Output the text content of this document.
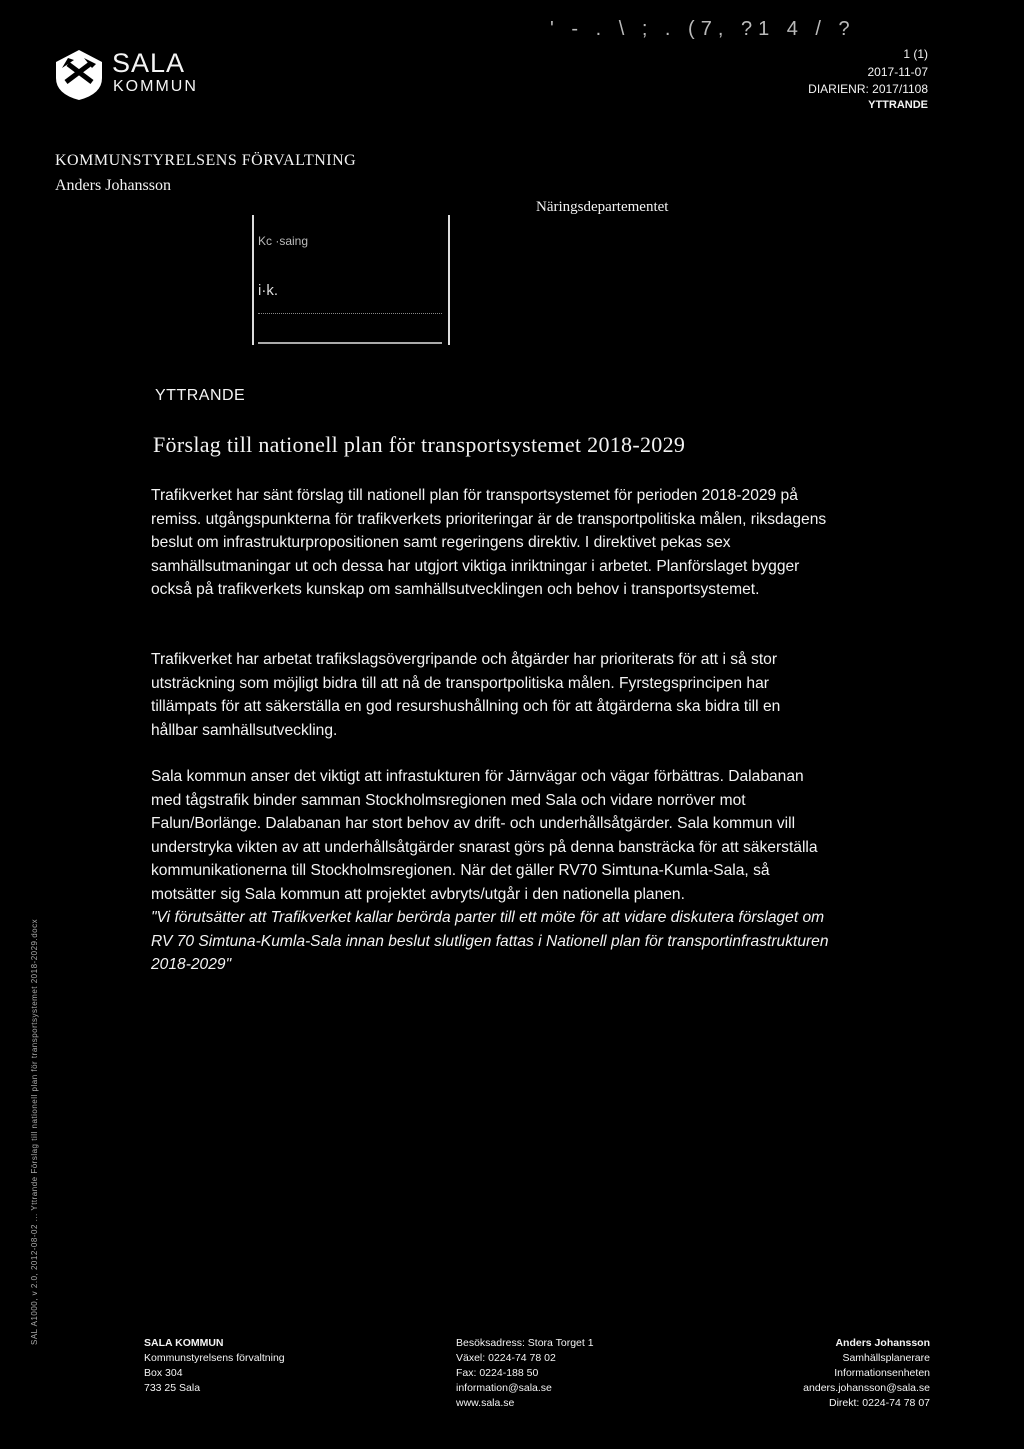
SALA
KOMMUN
' - . \ ; . (7, ?1 4 / ?
1 (1)
2017-11-07
DIARIENR: 2017/1108
YTTRANDE
KOMMUNSTYRELSENS FÖRVALTNING
Anders Johansson
Näringsdepartementet
Kc ·saing
i·k.
YTTRANDE
Förslag till nationell plan för transportsystemet 2018-2029

Trafikverket har sänt förslag till nationell plan för transportsystemet för perioden 2018-2029 på remiss. utgångspunkterna för trafikverkets prioriteringar är de transportpolitiska målen, riksdagens beslut om infrastrukturpropositionen samt regeringens direktiv. I direktivet pekas sex samhällsutmaningar ut och dessa har utgjort viktiga inriktningar i arbetet. Planförslaget bygger också på trafikverkets kunskap om samhällsutvecklingen och behov i transportsystemet.

Trafikverket har arbetat trafikslagsövergripande och åtgärder har prioriterats för att i så stor utsträckning som möjligt bidra till att nå de transportpolitiska målen. Fyrstegsprincipen har tillämpats för att säkerställa en god resurshushållning och för att åtgärderna ska bidra till en hållbar samhällsutveckling.

Sala kommun anser det viktigt att infrastukturen för Järnvägar och vägar förbättras. Dalabanan med tågstrafik binder samman Stockholmsregionen med Sala och vidare norröver mot Falun/Borlänge. Dalabanan har stort behov av drift- och underhållsåtgärder. Sala kommun vill understryka vikten av att underhållsåtgärder snarast görs på denna bansträcka för att säkerställa kommunikationerna till Stockholmsregionen. När det gäller RV70 Simtuna-Kumla-Sala, så motsätter sig Sala kommun att projektet avbryts/utgår i den nationella planen.
"Vi förutsätter att Trafikverket kallar berörda parter till ett möte för att vidare diskutera förslaget om RV 70 Simtuna-Kumla-Sala innan beslut slutligen fattas i Nationell plan för transportinfrastrukturen 2018-2029"
SAL A1000, v 2.0, 2012-08-02 ... Yttrande Förslag till nationell plan för transportsystemet 2018-2029.docx	SALA KOMMUN
Kommunstyrelsens förvaltning
Box 304
733 25 Sala
Besöksadress: Stora Torget 1
Växel: 0224-74 78 02
Fax: 0224-188 50
information@sala.se
www.sala.se
Anders Johansson
Samhällsplanerare
Informationsenheten
anders.johansson@sala.se
Direkt: 0224-74 78 07
